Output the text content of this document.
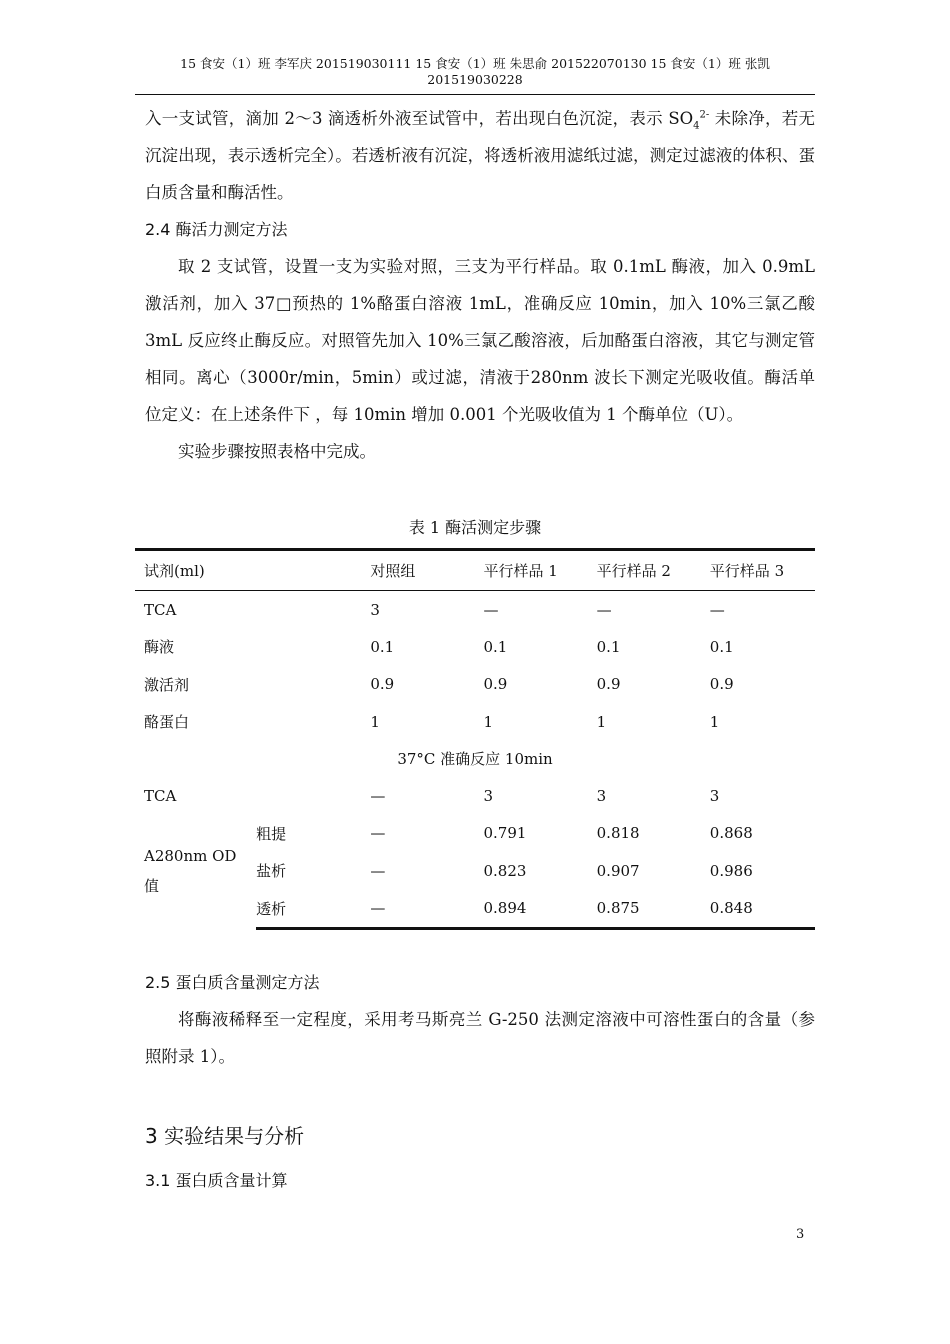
15 食安（1）班 李军庆 201519030111 15 食安（1）班 朱思俞 201522070130 15 食安（1）班 张凯
201519030228

入一支试管，滴加 2～3 滴透析外液至试管中，若出现白色沉淀，表示 $SO_4^{2-}$ 未除净，若无沉淀出现，表示透析完全）。若透析液有沉淀，将透析液用滤纸过滤，测定过滤液的体积、蛋白质含量和酶活性。

2.4 酶活力测定方法

取 2 支试管，设置一支为实验对照，三支为平行样品。取 0.1mL 酶液，加入 0.9mL 激活剂，加入 37□预热的 1%酪蛋白溶液 1mL，准确反应 10min，加入 10%三氯乙酸 3mL 反应终止酶反应。对照管先加入 10%三氯乙酸溶液，后加酪蛋白溶液，其它与测定管相同。离心（3000r/min，5min）或过滤，清液于280nm 波长下测定光吸收值。酶活单位定义：在上述条件下 ，每 10min 增加 0.001 个光吸收值为 1 个酶单位（U）。

实验步骤按照表格中完成。

表 1 酶活测定步骤
试剂(ml)		对照组	平行样品 1	平行样品 2	平行样品 3
TCA		3	—	—	—
酶液		0.1	0.1	0.1	0.1
激活剂		0.9	0.9	0.9	0.9
酪蛋白		1	1	1	1
37°C 准确反应 10min					
TCA		—	3	3	3
A280nm OD 值	粗提	—	0.791	0.818	0.868
	盐析	—	0.823	0.907	0.986
	透析	—	0.894	0.875	0.848

2.5 蛋白质含量测定方法

将酶液稀释至一定程度，采用考马斯亮兰 G-250 法测定溶液中可溶性蛋白的含量（参照附录 1）。

3 实验结果与分析
3.1 蛋白质含量计算
3
